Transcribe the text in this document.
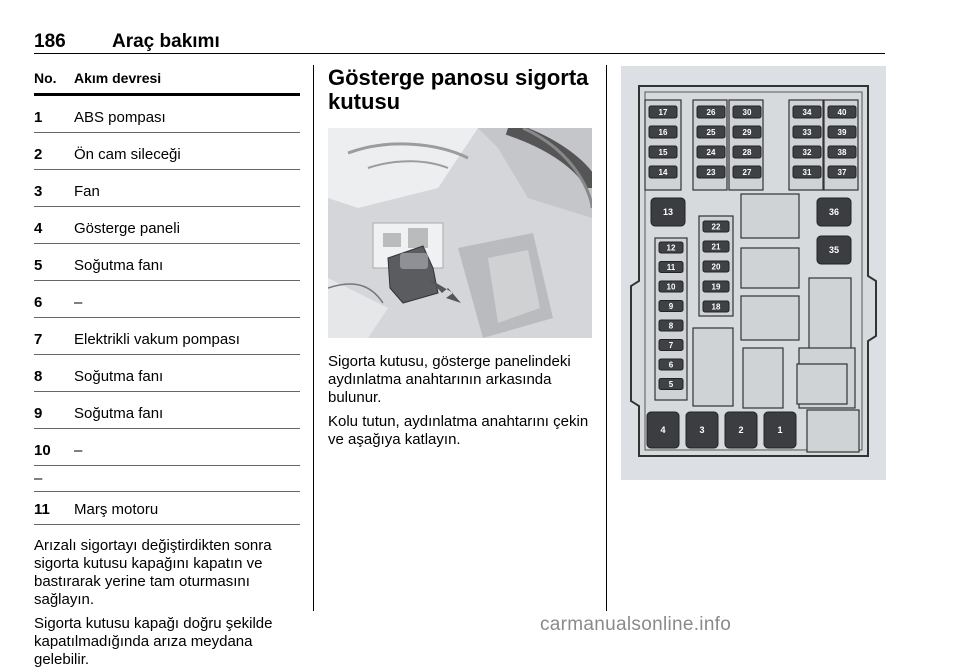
186 Araç bakımı
No.	Akım devresi
1	ABS pompası
2	Ön cam sileceği
3	Fan
4	Gösterge paneli
5	Soğutma fanı
6	–
7	Elektrikli vakum pompası
8	Soğutma fanı
9	Soğutma fanı
10	–
–
11	Marş motoru

Arızalı sigortayı değiştirdikten sonra sigorta kutusu kapağını kapatın ve bastırarak yerine tam oturmasını sağlayın.

Sigorta kutusu kapağı doğru şekilde kapatılmadığında arıza meydana gelebilir.

Gösterge panosu sigorta kutusu

Sigorta kutusu, gösterge panelindeki aydınlatma anahtarının arkasında bulunur.

Kolu tutun, aydınlatma anahtarını çekin ve aşağıya katlayın.

17
16
15
14
26
25
24
23
30
29
28
27
34
33
32
31
40
39
38
37
13	36
35
22
21
20
19
18
12
11
10
9
8
7
6
5
4	3	2	1
carmanualsonline.info
